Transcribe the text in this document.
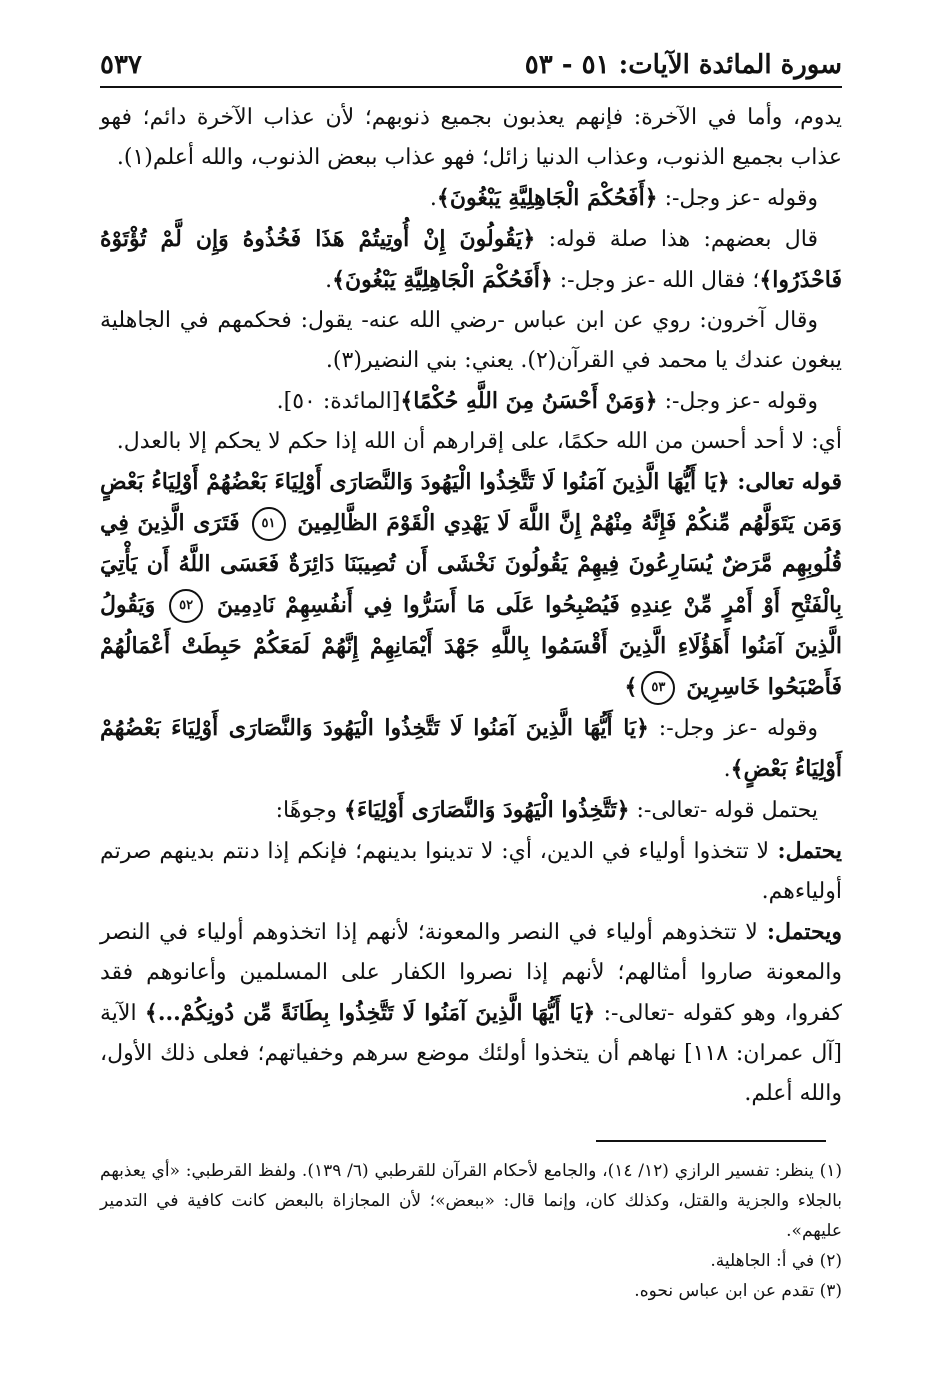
سورة المائدة الآيات: ٥١ - ٥٣
٥٣٧

يدوم، وأما في الآخرة: فإنهم يعذبون بجميع ذنوبهم؛ لأن عذاب الآخرة دائم؛ فهو عذاب بجميع الذنوب، وعذاب الدنيا زائل؛ فهو عذاب ببعض الذنوب، والله أعلم(١).

وقوله -عز وجل-: ﴿أَفَحُكْمَ الْجَاهِلِيَّةِ يَبْغُونَ﴾.

قال بعضهم: هذا صلة قوله: ﴿يَقُولُونَ إِنْ أُوتِيتُمْ هَذَا فَخُذُوهُ وَإِن لَّمْ تُؤْتَوْهُ فَاحْذَرُوا﴾؛ فقال الله -عز وجل-: ﴿أَفَحُكْمَ الْجَاهِلِيَّةِ يَبْغُونَ﴾.

وقال آخرون: روي عن ابن عباس -رضي الله عنه- يقول: فحكمهم في الجاهلية يبغون عندك يا محمد في القرآن(٢). يعني: بني النضير(٣).

وقوله -عز وجل-: ﴿وَمَنْ أَحْسَنُ مِنَ اللَّهِ حُكْمًا﴾[المائدة: ٥٠].

أي: لا أحد أحسن من الله حكمًا، على إقرارهم أن الله إذا حكم لا يحكم إلا بالعدل.

قوله تعالى: ﴿يَا أَيُّهَا الَّذِينَ آمَنُوا لَا تَتَّخِذُوا الْيَهُودَ وَالنَّصَارَى أَوْلِيَاءَ بَعْضُهُمْ أَوْلِيَاءُ بَعْضٍ وَمَن يَتَوَلَّهُم مِّنكُمْ فَإِنَّهُ مِنْهُمْ إِنَّ اللَّهَ لَا يَهْدِي الْقَوْمَ الظَّالِمِينَ ٥١ فَتَرَى الَّذِينَ فِي قُلُوبِهِم مَّرَضٌ يُسَارِعُونَ فِيهِمْ يَقُولُونَ نَخْشَى أَن تُصِيبَنَا دَائِرَةٌ فَعَسَى اللَّهُ أَن يَأْتِيَ بِالْفَتْحِ أَوْ أَمْرٍ مِّنْ عِندِهِ فَيُصْبِحُوا عَلَى مَا أَسَرُّوا فِي أَنفُسِهِمْ نَادِمِينَ ٥٢ وَيَقُولُ الَّذِينَ آمَنُوا أَهَؤُلَاءِ الَّذِينَ أَقْسَمُوا بِاللَّهِ جَهْدَ أَيْمَانِهِمْ إِنَّهُمْ لَمَعَكُمْ حَبِطَتْ أَعْمَالُهُمْ فَأَصْبَحُوا خَاسِرِينَ ٥٣﴾

وقوله -عز وجل-: ﴿يَا أَيُّهَا الَّذِينَ آمَنُوا لَا تَتَّخِذُوا الْيَهُودَ وَالنَّصَارَى أَوْلِيَاءَ بَعْضُهُمْ أَوْلِيَاءُ بَعْضٍ﴾.

يحتمل قوله -تعالى-: ﴿تَتَّخِذُوا الْيَهُودَ وَالنَّصَارَى أَوْلِيَاءَ﴾ وجوهًا:

يحتمل: لا تتخذوا أولياء في الدين، أي: لا تدينوا بدينهم؛ فإنكم إذا دنتم بدينهم صرتم أولياءهم.

ويحتمل: لا تتخذوهم أولياء في النصر والمعونة؛ لأنهم إذا اتخذوهم أولياء في النصر والمعونة صاروا أمثالهم؛ لأنهم إذا نصروا الكفار على المسلمين وأعانوهم فقد كفروا، وهو كقوله -تعالى-: ﴿يَا أَيُّهَا الَّذِينَ آمَنُوا لَا تَتَّخِذُوا بِطَانَةً مِّن دُونِكُمْ...﴾ الآية [آل عمران: ١١٨] نهاهم أن يتخذوا أولئك موضع سرهم وخفياتهم؛ فعلى ذلك الأول، والله أعلم.

(١) ينظر: تفسير الرازي (١٢/ ١٤)، والجامع لأحكام القرآن للقرطبي (٦/ ١٣٩). ولفظ القرطبي: «أي يعذبهم بالجلاء والجزية والقتل، وكذلك كان، وإنما قال: «ببعض»؛ لأن المجازاة بالبعض كانت كافية في التدمير عليهم».

(٢) في أ: الجاهلية.

(٣) تقدم عن ابن عباس نحوه.
